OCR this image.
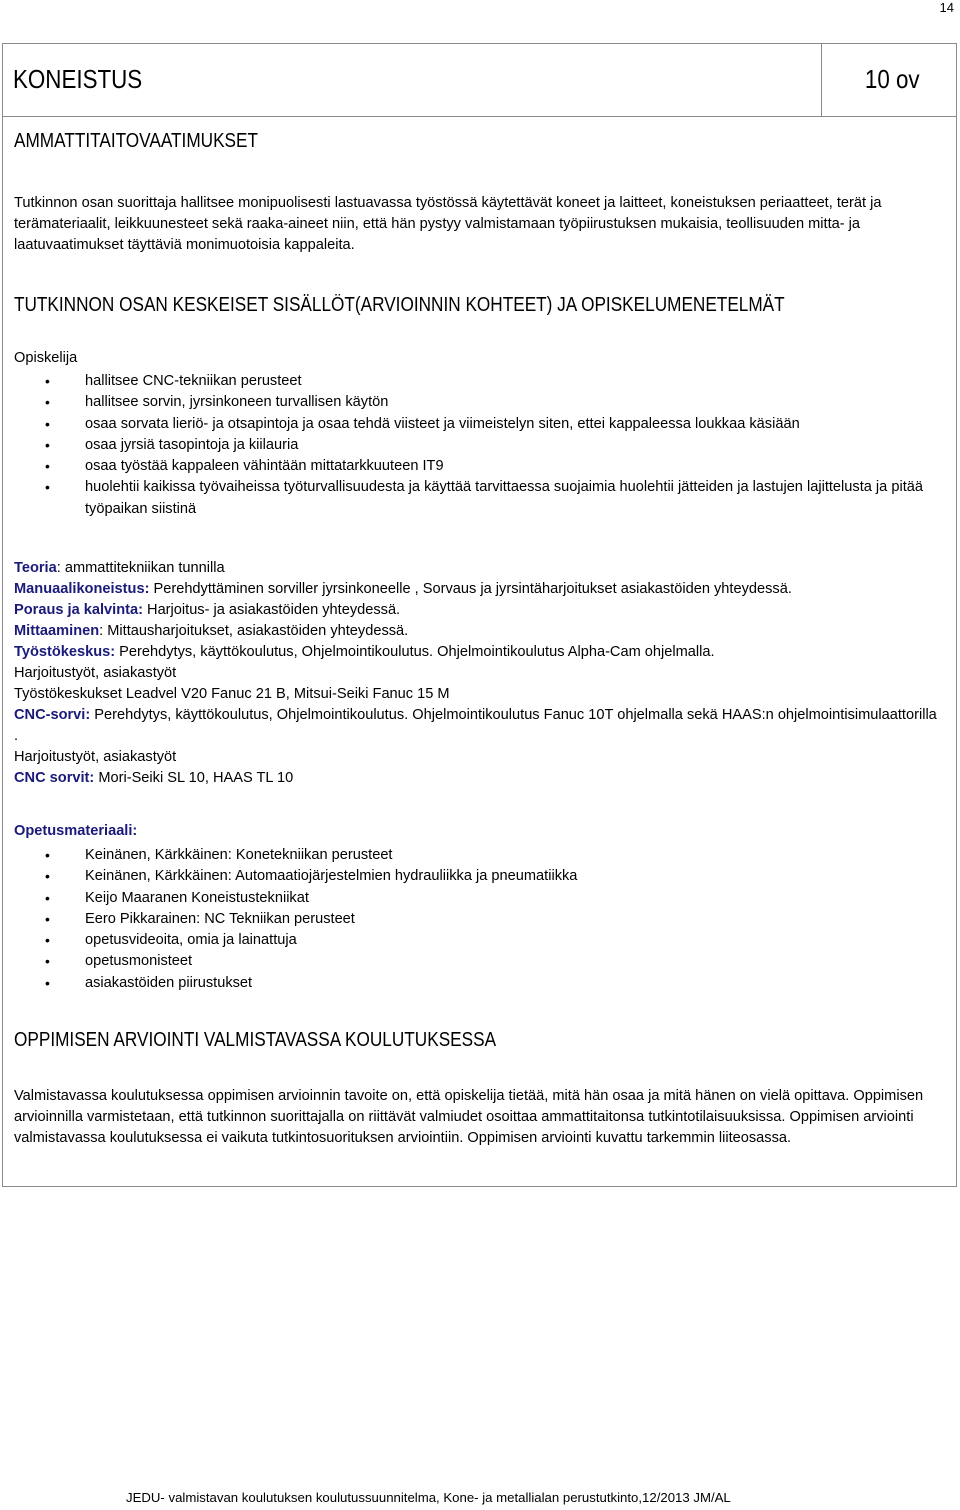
14
KONEISTUS	10 ov
AMMATTITAITOVAATIMUKSET
Tutkinnon osan suorittaja hallitsee monipuolisesti lastuavassa työstössä käytettävät koneet ja laitteet, koneistuksen periaatteet, terät ja terämateriaalit, leikkuunesteet sekä raaka-aineet niin, että hän pystyy valmistamaan työpiirustuksen mukaisia, teollisuuden mitta- ja laatuvaatimukset täyttäviä monimuotoisia kappaleita.
TUTKINNON OSAN KESKEISET SISÄLLÖT(ARVIOINNIN KOHTEET) JA OPISKELUMENETELMÄT
Opiskelija
• hallitsee CNC-tekniikan perusteet
• hallitsee sorvin, jyrsinkoneen turvallisen käytön
• osaa sorvata lieriö- ja otsapintoja ja osaa tehdä viisteet ja viimeistelyn siten, ettei kappaleessa loukkaa käsiään
• osaa jyrsiä tasopintoja ja kiilauria
• osaa työstää kappaleen vähintään mittatarkkuuteen IT9
• huolehtii kaikissa työvaiheissa työturvallisuudesta ja käyttää tarvittaessa suojaimia huolehtii jätteiden ja lastujen lajittelusta ja pitää työpaikan siistinä
Teoria: ammattitekniikan tunnilla
Manuaalikoneistus: Perehdyttäminen sorviller jyrsinkoneelle , Sorvaus ja jyrsintäharjoitukset asiakastöiden yhteydessä.
Poraus ja kalvinta: Harjoitus- ja asiakastöiden yhteydessä.
Mittaaminen: Mittausharjoitukset, asiakastöiden yhteydessä.
Työstökeskus: Perehdytys, käyttökoulutus, Ohjelmointikoulutus. Ohjelmointikoulutus Alpha-Cam ohjelmalla.
Harjoitustyöt, asiakastyöt
Työstökeskukset Leadvel V20 Fanuc 21 B, Mitsui-Seiki Fanuc 15 M
CNC-sorvi: Perehdytys, käyttökoulutus, Ohjelmointikoulutus. Ohjelmointikoulutus Fanuc 10T ohjelmalla sekä HAAS:n ohjelmointisimulaattorilla .
Harjoitustyöt, asiakastyöt
CNC sorvit: Mori-Seiki SL 10, HAAS TL 10
Opetusmateriaali:
• Keinänen, Kärkkäinen: Konetekniikan perusteet
• Keinänen, Kärkkäinen: Automaatiojärjestelmien hydrauliikka ja pneumatiikka
• Keijo Maaranen Koneistustekniikat
• Eero Pikkarainen: NC Tekniikan perusteet
• opetusvideoita, omia ja lainattuja
• opetusmonisteet
• asiakastöiden piirustukset
OPPIMISEN ARVIOINTI VALMISTAVASSA KOULUTUKSESSA
Valmistavassa koulutuksessa oppimisen arvioinnin tavoite on, että opiskelija tietää, mitä hän osaa ja mitä hänen on vielä opittava. Oppimisen arvioinnilla varmistetaan, että tutkinnon suorittajalla on riittävät valmiudet osoittaa ammattitaitonsa tutkintotilaisuuksissa. Oppimisen arviointi valmistavassa koulutuksessa ei vaikuta tutkintosuorituksen arviointiin. Oppimisen arviointi kuvattu tarkemmin liiteosassa.
JEDU- valmistavan koulutuksen koulutussuunnitelma, Kone- ja metallialan perustutkinto,12/2013 JM/AL
